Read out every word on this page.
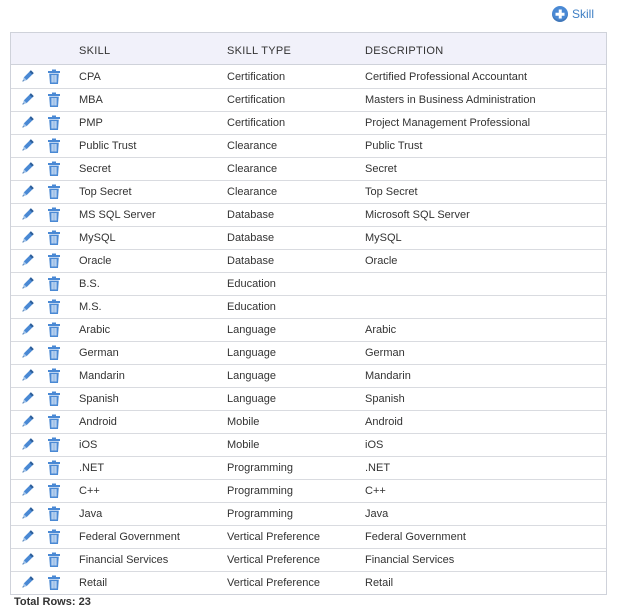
Skill
SKILL	SKILL TYPE	DESCRIPTION
CPA	Certification	Certified Professional Accountant
MBA	Certification	Masters in Business Administration
PMP	Certification	Project Management Professional
Public Trust	Clearance	Public Trust
Secret	Clearance	Secret
Top Secret	Clearance	Top Secret
MS SQL Server	Database	Microsoft SQL Server
MySQL	Database	MySQL
Oracle	Database	Oracle
B.S.	Education
M.S.	Education
Arabic	Language	Arabic
German	Language	German
Mandarin	Language	Mandarin
Spanish	Language	Spanish
Android	Mobile	Android
iOS	Mobile	iOS
.NET	Programming	.NET
C++	Programming	C++
Java	Programming	Java
Federal Government	Vertical Preference	Federal Government
Financial Services	Vertical Preference	Financial Services
Retail	Vertical Preference	Retail
Total Rows: 23
